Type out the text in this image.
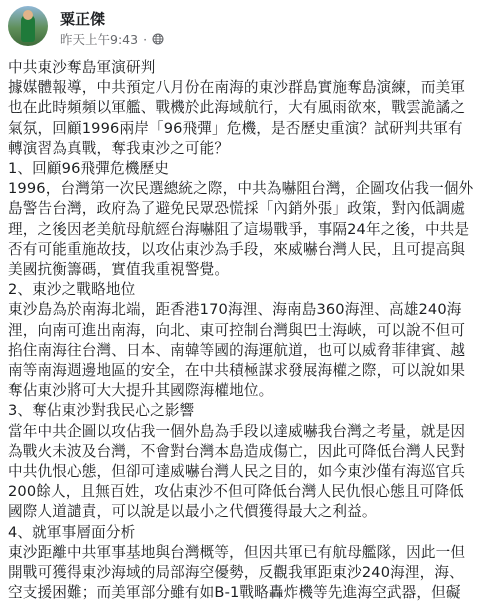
粟正傑
昨天上午9:43 ·
中共東沙奪島軍演研判
據媒體報導，中共預定八月份在南海的東沙群島實施奪島演練，而美軍
也在此時頻頻以軍艦、戰機於此海域航行，大有風雨欲來，戰雲詭譎之
氣氛，回顧1996兩岸「96飛彈」危機，是否歷史重演？試研判共軍有
轉演習為真戰，奪我東沙之可能？
1、回顧96飛彈危機歷史
1996，台灣第一次民選總統之際，中共為嚇阻台灣，企圖攻佔我一個外
島警告台灣，政府為了避免民眾恐慌採「內銷外張」政策，對內低調處
理，之後因老美航母航經台海嚇阻了這場戰爭，事隔24年之後，中共是
否有可能重施故技，以攻佔東沙為手段，來威嚇台灣人民，且可提高與
美國抗衡籌碼，實值我重視警覺。
2、東沙之戰略地位
東沙島為於南海北端，距香港170海浬、海南島360海浬、高雄240海
浬，向南可進出南海，向北、東可控制台灣與巴士海峽，可以說不但可
掐住南海往台灣、日本、南韓等國的海運航道，也可以威脅菲律賓、越
南等南海週邊地區的安全，在中共積極謀求發展海權之際，可以說如果
奪佔東沙將可大大提升其國際海權地位。
3、奪佔東沙對我民心之影響
當年中共企圖以攻佔我一個外島為手段以達威嚇我台灣之考量，就是因
為戰火未波及台灣，不會對台灣本島造成傷亡，因此可降低台灣人民對
中共仇恨心態，但卻可達威嚇台灣人民之目的，如今東沙僅有海巡官兵
200餘人，且無百姓，攻佔東沙不但可降低台灣人民仇恨心態且可降低
國際人道譴責，可以說是以最小之代價獲得最大之利益。
4、就軍事層面分析
東沙距離中共軍事基地與台灣概等，但因共軍已有航母艦隊，因此一但
開戰可獲得東沙海域的局部海空優勢，反觀我軍距東沙240海浬，海、
空支援困難；而美軍部分雖有如B-1戰略轟炸機等先進海空武器，但礙
